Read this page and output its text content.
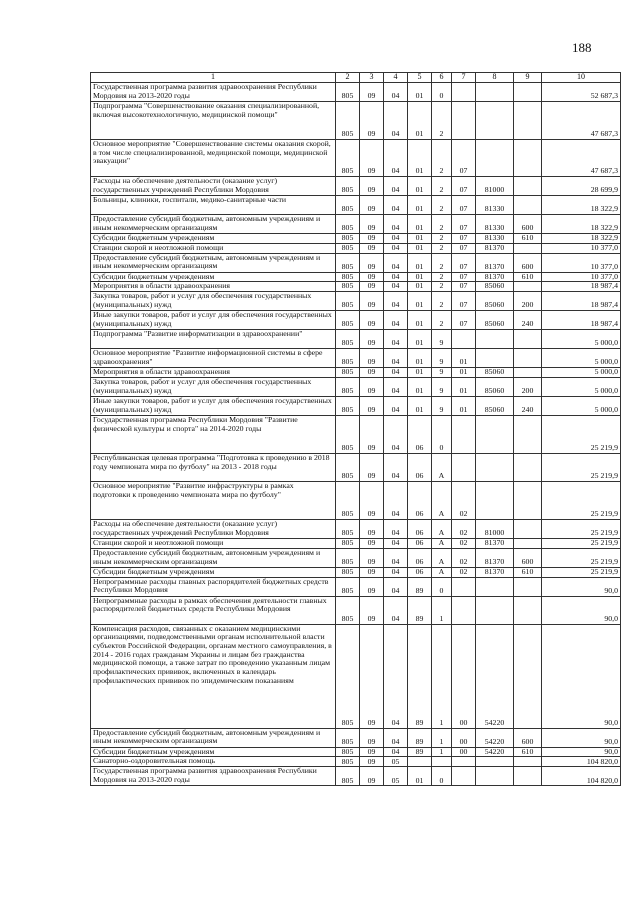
188
1	2	3	4	5	6	7	8	9	10
Государственная программа развития здравоохранения Республики Мордовия на 2013-2020 годы	805	09	04	01	0				52 687,3
Подпрограмма "Совершенствование оказания специализированной, включая высокотехнологичную, медицинской помощи"	805	09	04	01	2				47 687,3
Основное мероприятие "Совершенствование системы оказания скорой, в том числе специализированной, медицинской помощи, медицинской эвакуации"	805	09	04	01	2	07			47 687,3
Расходы на обеспечение деятельности (оказание услуг) государственных учреждений Республики Мордовия	805	09	04	01	2	07	81000		28 699,9
Больницы, клиники, госпитали, медико-санитарные части	805	09	04	01	2	07	81330		18 322,9
Предоставление субсидий бюджетным, автономным учреждениям и иным некоммерческим организациям	805	09	04	01	2	07	81330	600	18 322,9
Субсидии бюджетным учреждениям	805	09	04	01	2	07	81330	610	18 322,9
Станции скорой и неотложной помощи	805	09	04	01	2	07	81370		10 377,0
Предоставление субсидий бюджетным, автономным учреждениям и иным некоммерческим организациям	805	09	04	01	2	07	81370	600	10 377,0
Субсидии бюджетным учреждениям	805	09	04	01	2	07	81370	610	10 377,0
Мероприятия в области здравоохранения	805	09	04	01	2	07	85060		18 987,4
Закупка товаров, работ и услуг для обеспечения государственных (муниципальных) нужд	805	09	04	01	2	07	85060	200	18 987,4
Иные закупки товаров, работ и услуг для обеспечения государственных (муниципальных) нужд	805	09	04	01	2	07	85060	240	18 987,4
Подпрограмма "Развитие информатизации в здравоохранении"	805	09	04	01	9				5 000,0
Основное мероприятие "Развитие информационной системы в сфере здравоохранения"	805	09	04	01	9	01			5 000,0
Мероприятия в области здравоохранения	805	09	04	01	9	01	85060		5 000,0
Закупка товаров, работ и услуг для обеспечения государственных (муниципальных) нужд	805	09	04	01	9	01	85060	200	5 000,0
Иные закупки товаров, работ и услуг для обеспечения государственных (муниципальных) нужд	805	09	04	01	9	01	85060	240	5 000,0
Государственная программа Республики Мордовия "Развитие физической культуры и спорта" на 2014-2020 годы	805	09	04	06	0				25 219,9
Республиканская целевая программа "Подготовка к проведению в 2018 году чемпионата мира по футболу" на 2013 - 2018 годы	805	09	04	06	А				25 219,9
Основное мероприятие "Развитие инфраструктуры в рамках подготовки к проведению чемпионата мира по футболу"	805	09	04	06	А	02			25 219,9
Расходы на обеспечение деятельности (оказание услуг) государственных учреждений Республики Мордовия	805	09	04	06	А	02	81000		25 219,9
Станции скорой и неотложной помощи	805	09	04	06	А	02	81370		25 219,9
Предоставление субсидий бюджетным, автономным учреждениям и иным некоммерческим организациям	805	09	04	06	А	02	81370	600	25 219,9
Субсидии бюджетным учреждениям	805	09	04	06	А	02	81370	610	25 219,9
Непрограммные расходы главных распорядителей бюджетных средств Республики Мордовия	805	09	04	89	0				90,0
Непрограммные расходы в рамках обеспечения деятельности главных распорядителей бюджетных средств Республики Мордовия	805	09	04	89	1				90,0
Компенсация расходов, связанных с оказанием медицинскими организациями, подведомственными органам исполнительной власти субъектов Российской Федерации, органам местного самоуправления, в 2014 - 2016 годах гражданам Украины и лицам без гражданства медицинской помощи, а также затрат по проведению указанным лицам профилактических прививок, включенных в календарь профилактических прививок по эпидемическим показаниям	805	09	04	89	1	00	54220		90,0
Предоставление субсидий бюджетным, автономным учреждениям и иным некоммерческим организациям	805	09	04	89	1	00	54220	600	90,0
Субсидии бюджетным учреждениям	805	09	04	89	1	00	54220	610	90,0
Санаторно-оздоровительная помощь	805	09	05						104 820,0
Государственная программа развития здравоохранения Республики Мордовия на 2013-2020 годы	805	09	05	01	0				104 820,0
